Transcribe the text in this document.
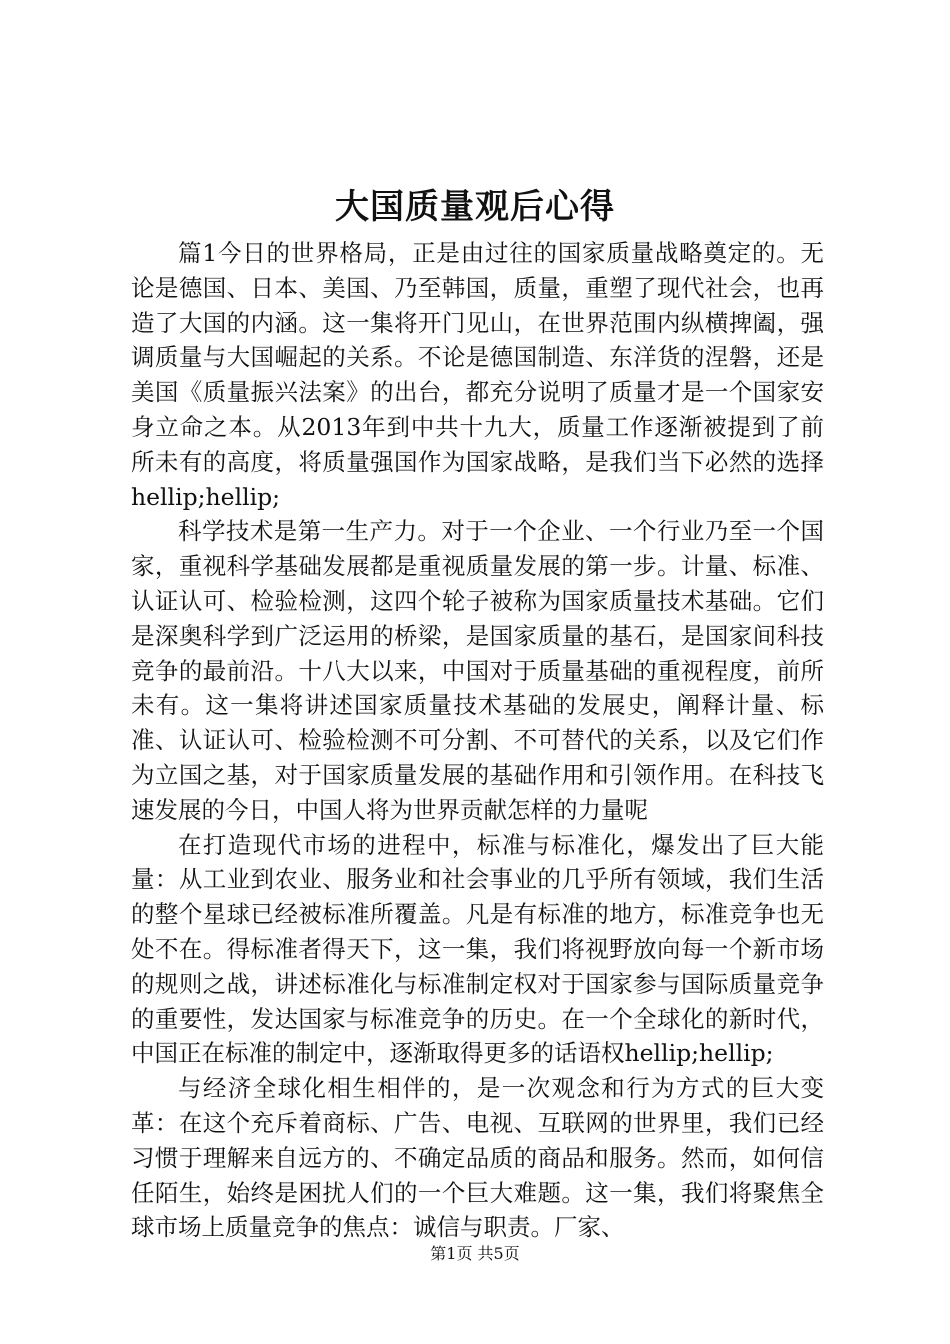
大国质量观后心得

篇1今日的世界格局，正是由过往的国家质量战略奠定的。无论是德国、日本、美国、乃至韩国，质量，重塑了现代社会，也再造了大国的内涵。这一集将开门见山，在世界范围内纵横捭阖，强调质量与大国崛起的关系。不论是德国制造、东洋货的涅磐，还是美国《质量振兴法案》的出台，都充分说明了质量才是一个国家安身立命之本。从2013年到中共十九大，质量工作逐渐被提到了前所未有的高度，将质量强国作为国家战略，是我们当下必然的选择hellip;hellip;

科学技术是第一生产力。对于一个企业、一个行业乃至一个国家，重视科学基础发展都是重视质量发展的第一步。计量、标准、认证认可、检验检测，这四个轮子被称为国家质量技术基础。它们是深奥科学到广泛运用的桥梁，是国家质量的基石，是国家间科技竞争的最前沿。十八大以来，中国对于质量基础的重视程度，前所未有。这一集将讲述国家质量技术基础的发展史，阐释计量、标准、认证认可、检验检测不可分割、不可替代的关系，以及它们作为立国之基，对于国家质量发展的基础作用和引领作用。在科技飞速发展的今日，中国人将为世界贡献怎样的力量呢

在打造现代市场的进程中，标准与标准化，爆发出了巨大能量：从工业到农业、服务业和社会事业的几乎所有领域，我们生活的整个星球已经被标准所覆盖。凡是有标准的地方，标准竞争也无处不在。得标准者得天下，这一集，我们将视野放向每一个新市场的规则之战，讲述标准化与标准制定权对于国家参与国际质量竞争的重要性，发达国家与标准竞争的历史。在一个全球化的新时代，中国正在标准的制定中，逐渐取得更多的话语权hellip;hellip;

与经济全球化相生相伴的，是一次观念和行为方式的巨大变革：在这个充斥着商标、广告、电视、互联网的世界里，我们已经习惯于理解来自远方的、不确定品质的商品和服务。然而，如何信任陌生，始终是困扰人们的一个巨大难题。这一集，我们将聚焦全球市场上质量竞争的焦点：诚信与职责。厂家、

第1页 共5页
